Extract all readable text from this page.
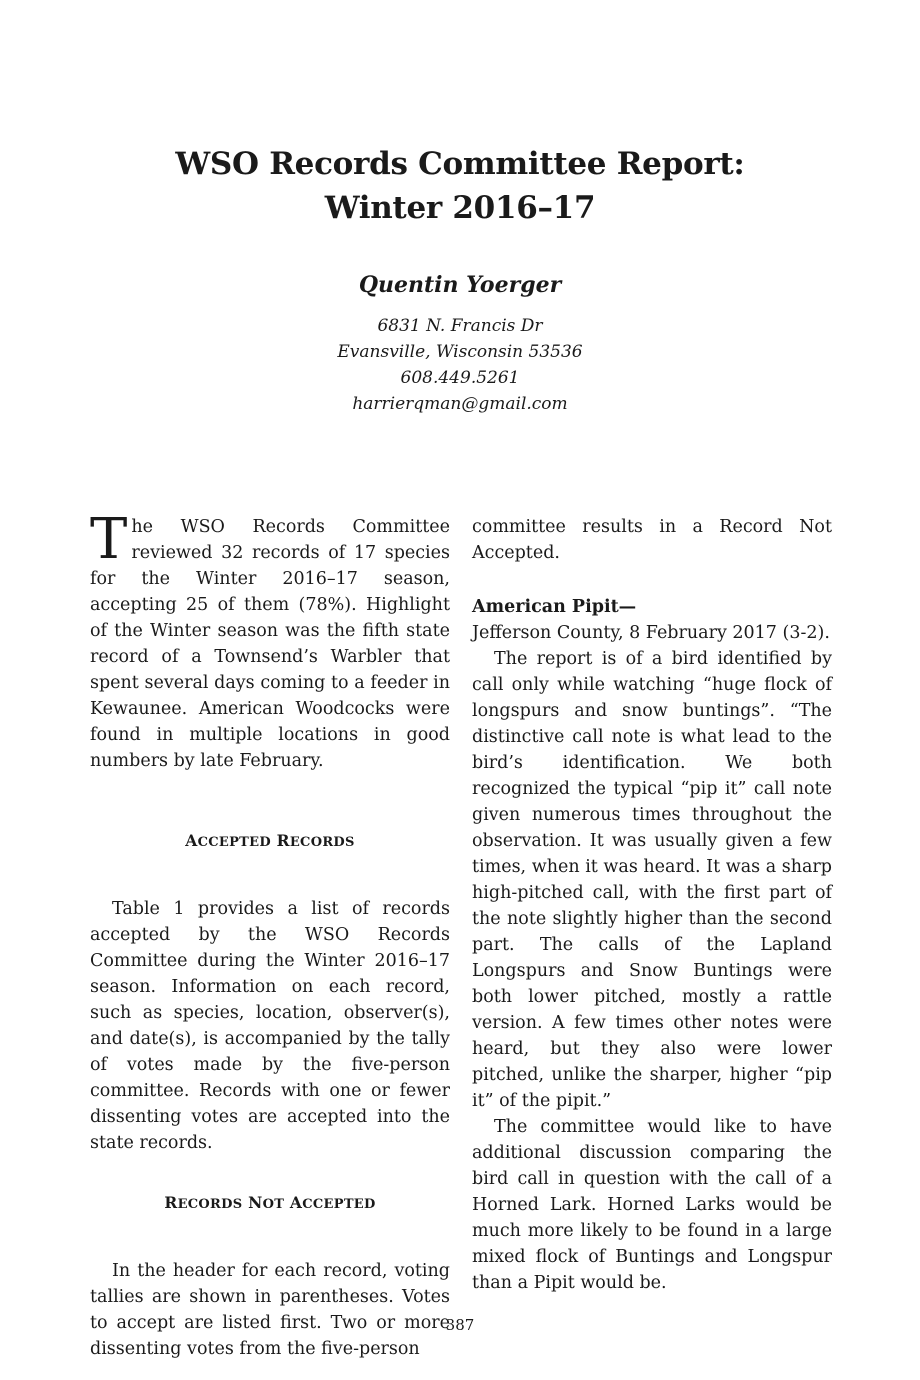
WSO Records Committee Report:
Winter 2016–17
Quentin Yoerger
6831 N. Francis Dr
Evansville, Wisconsin 53536
608.449.5261
harrierqman@gmail.com

The WSO Records Committee reviewed 32 records of 17 species for the Winter 2016–17 season, accepting 25 of them (78%). Highlight of the Winter season was the fifth state record of a Townsend’s Warbler that spent several days coming to a feeder in Kewaunee. American Woodcocks were found in multiple locations in good numbers by late February.

ACCEPTED RECORDS

Table 1 provides a list of records accepted by the WSO Records Committee during the Winter 2016–17 season. Information on each record, such as species, location, observer(s), and date(s), is accompanied by the tally of votes made by the five-person committee. Records with one or fewer dissenting votes are accepted into the state records.

RECORDS NOT ACCEPTED

In the header for each record, voting tallies are shown in parentheses. Votes to accept are listed first. Two or more dissenting votes from the five-person

committee results in a Record Not Accepted.

American Pipit—

Jefferson County, 8 February 2017 (3-2).

The report is of a bird identified by call only while watching “huge flock of longspurs and snow buntings”. “The distinctive call note is what lead to the bird’s identification. We both recognized the typical “pip it” call note given numerous times throughout the observation. It was usually given a few times, when it was heard. It was a sharp high-pitched call, with the first part of the note slightly higher than the second part. The calls of the Lapland Longspurs and Snow Buntings were both lower pitched, mostly a rattle version. A few times other notes were heard, but they also were lower pitched, unlike the sharper, higher “pip it” of the pipit.”

The committee would like to have additional discussion comparing the bird call in question with the call of a Horned Lark. Horned Larks would be much more likely to be found in a large mixed flock of Buntings and Longspur than a Pipit would be.

387
